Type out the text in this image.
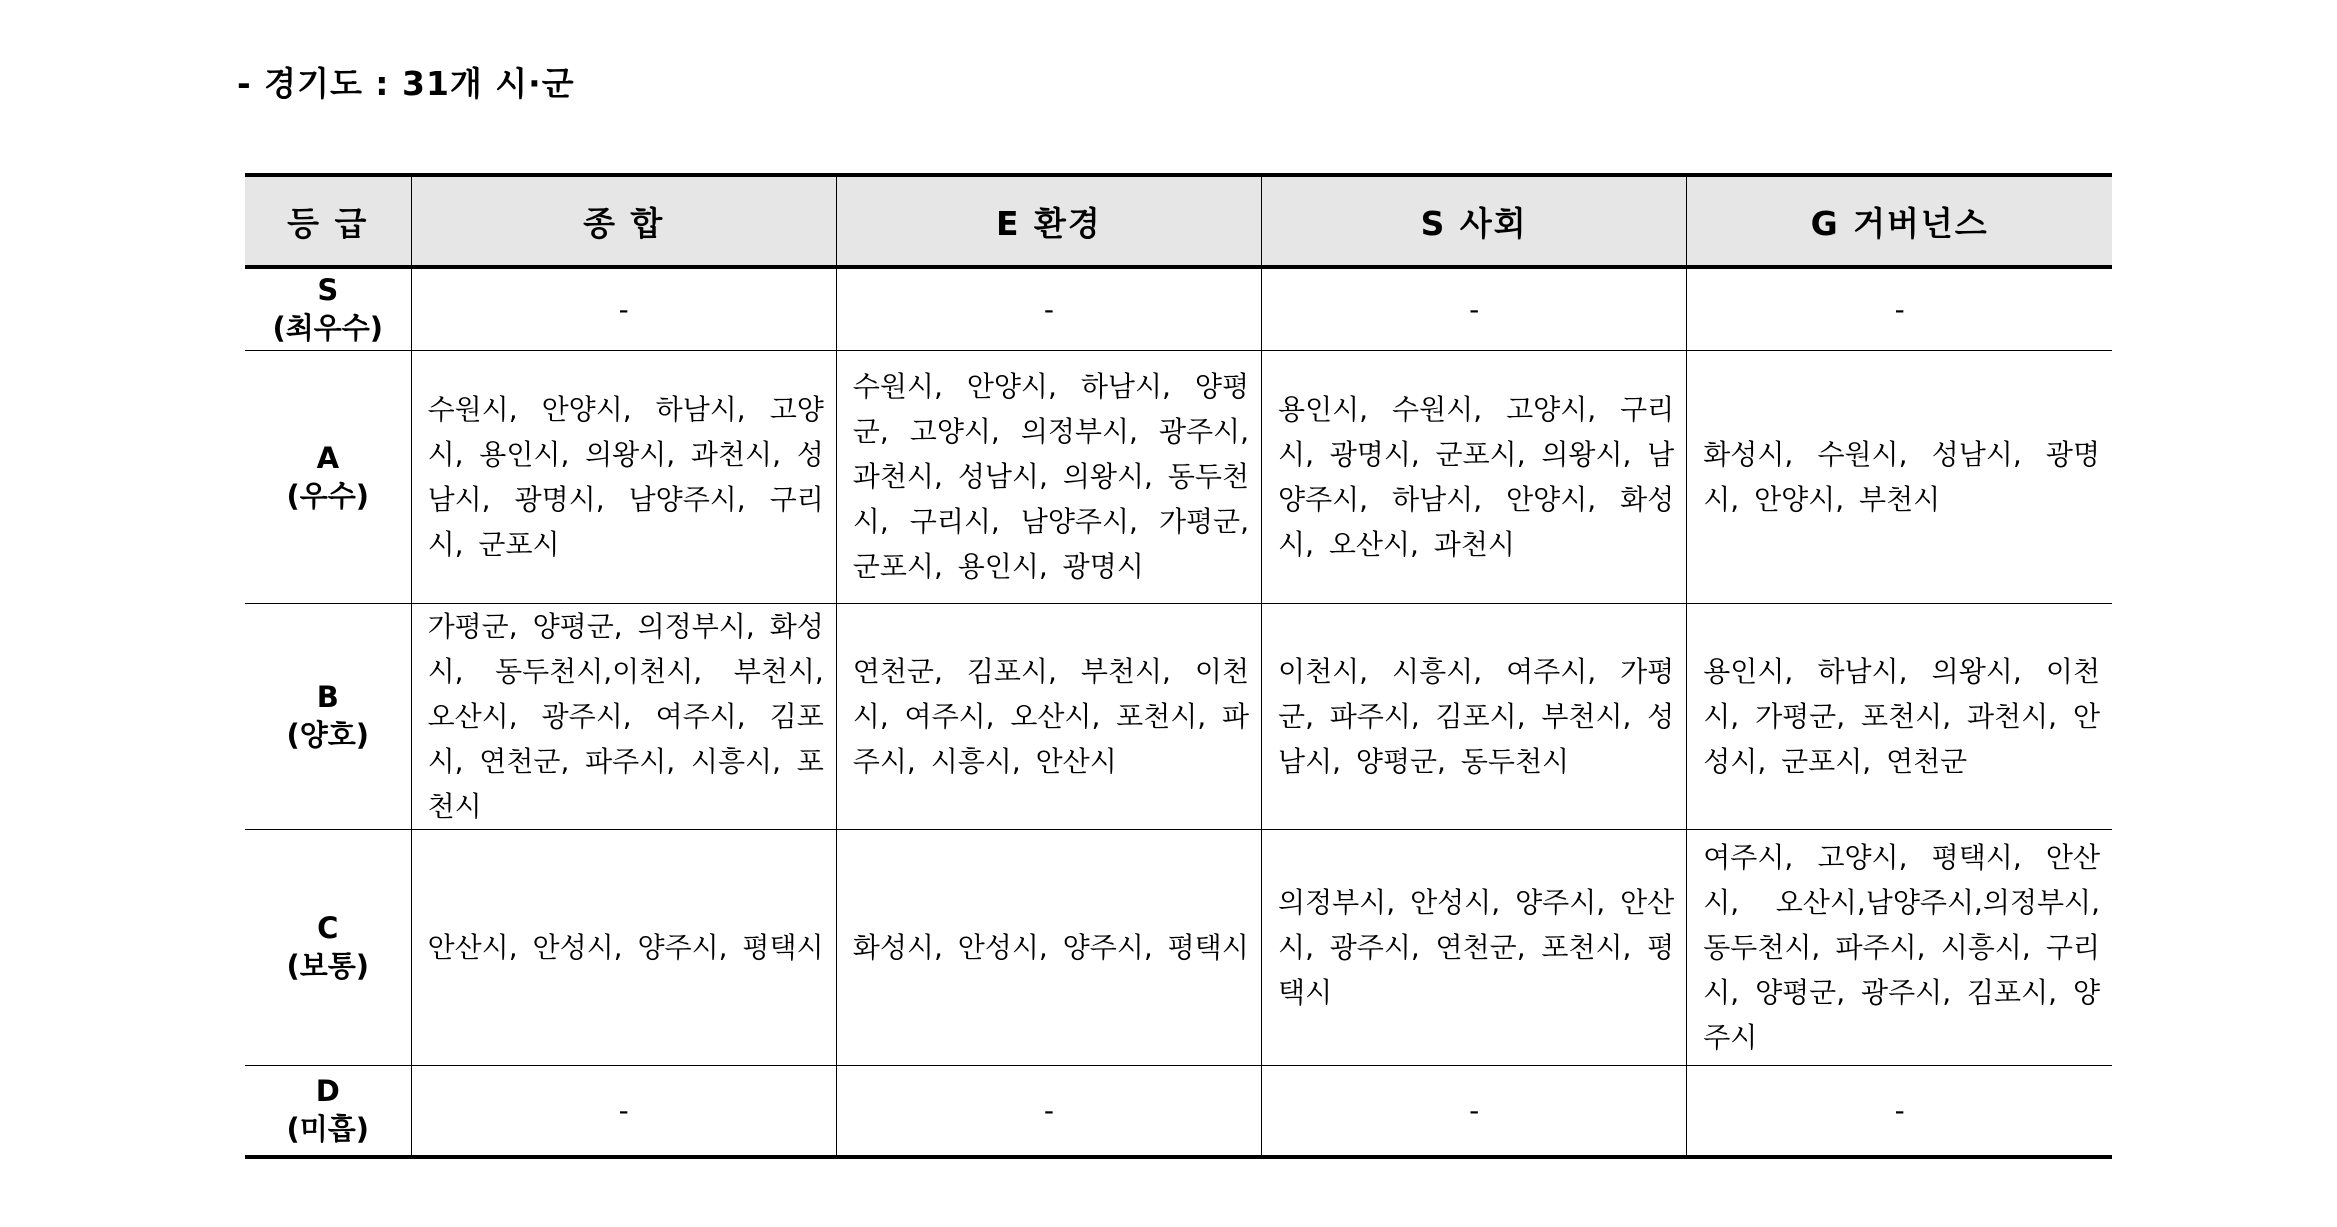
- 경기도 : 31개 시·군
등 급	종 합	E 환경	S 사회	G 거버넌스

S
(최우수)	-	-	-	-

A
(우수)	수원시, 안양시, 하남시, 고양시, 용인시, 의왕시, 과천시, 성남시, 광명시, 남양주시, 구리시, 군포시	수원시, 안양시, 하남시, 양평군, 고양시, 의정부시, 광주시, 과천시, 성남시, 의왕시, 동두천시, 구리시, 남양주시, 가평군, 군포시, 용인시, 광명시	용인시, 수원시, 고양시, 구리시, 광명시, 군포시, 의왕시, 남양주시, 하남시, 안양시, 화성시, 오산시, 과천시	화성시, 수원시, 성남시, 광명시, 안양시, 부천시

B
(양호)	가평군, 양평군, 의정부시, 화성시, 동두천시,이천시, 부천시, 오산시, 광주시, 여주시, 김포시, 연천군, 파주시, 시흥시, 포천시	연천군, 김포시, 부천시, 이천시, 여주시, 오산시, 포천시, 파주시, 시흥시, 안산시	이천시, 시흥시, 여주시, 가평군, 파주시, 김포시, 부천시, 성남시, 양평군, 동두천시	용인시, 하남시, 의왕시, 이천시, 가평군, 포천시, 과천시, 안성시, 군포시, 연천군

C
(보통)	안산시, 안성시, 양주시, 평택시	화성시, 안성시, 양주시, 평택시	의정부시, 안성시, 양주시, 안산시, 광주시, 연천군, 포천시, 평택시	여주시, 고양시, 평택시, 안산시, 오산시,남양주시,의정부시,동두천시, 파주시, 시흥시, 구리시, 양평군, 광주시, 김포시, 양주시

D
(미흡)	-	-	-	-
